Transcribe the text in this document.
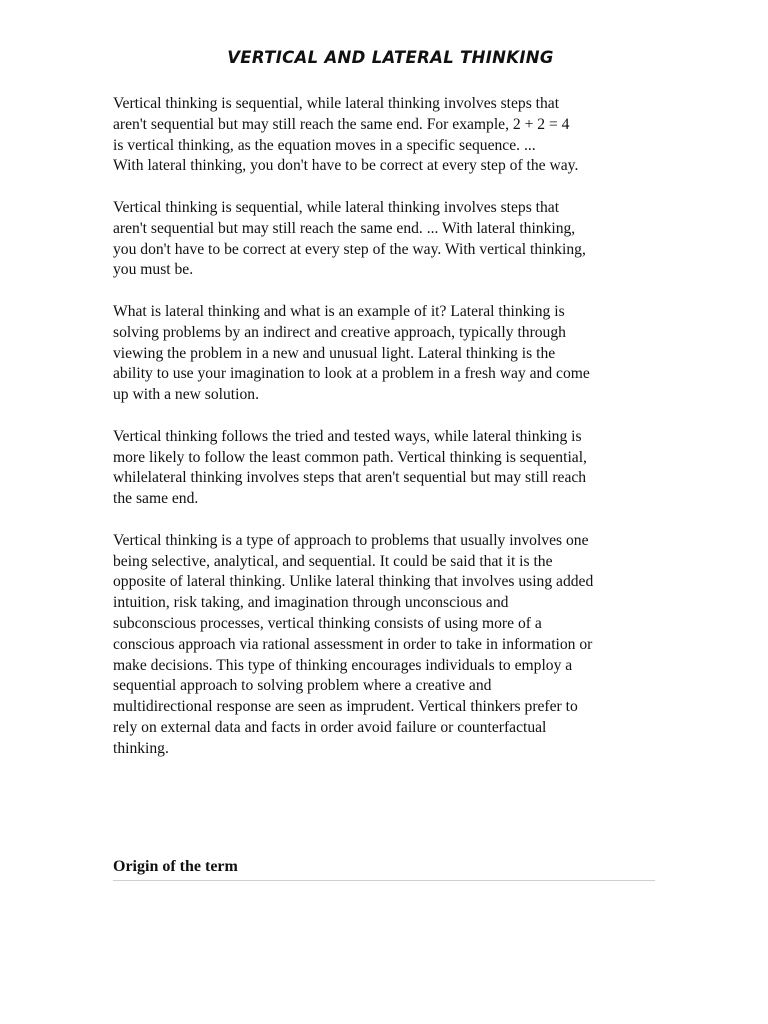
VERTICAL AND LATERAL THINKING
Vertical thinking is sequential, while lateral thinking involves steps that
aren't sequential but may still reach the same end. For example, 2 + 2 = 4
is vertical thinking, as the equation moves in a specific sequence. ...
With lateral thinking, you don't have to be correct at every step of the way.
Vertical thinking is sequential, while lateral thinking involves steps that
aren't sequential but may still reach the same end. ... With lateral thinking,
you don't have to be correct at every step of the way. With vertical thinking,
you must be.
What is lateral thinking and what is an example of it? Lateral thinking is
solving problems by an indirect and creative approach, typically through
viewing the problem in a new and unusual light. Lateral thinking is the
ability to use your imagination to look at a problem in a fresh way and come
up with a new solution.
Vertical thinking follows the tried and tested ways, while lateral thinking is
more likely to follow the least common path. Vertical thinking is sequential,
whilelateral thinking involves steps that aren't sequential but may still reach
the same end.
Vertical thinking is a type of approach to problems that usually involves one
being selective, analytical, and sequential. It could be said that it is the
opposite of lateral thinking. Unlike lateral thinking that involves using added
intuition, risk taking, and imagination through unconscious and
subconscious processes, vertical thinking consists of using more of a
conscious approach via rational assessment in order to take in information or
make decisions. This type of thinking encourages individuals to employ a
sequential approach to solving problem where a creative and
multidirectional response are seen as imprudent. Vertical thinkers prefer to
rely on external data and facts in order avoid failure or counterfactual
thinking.
Origin of the term
